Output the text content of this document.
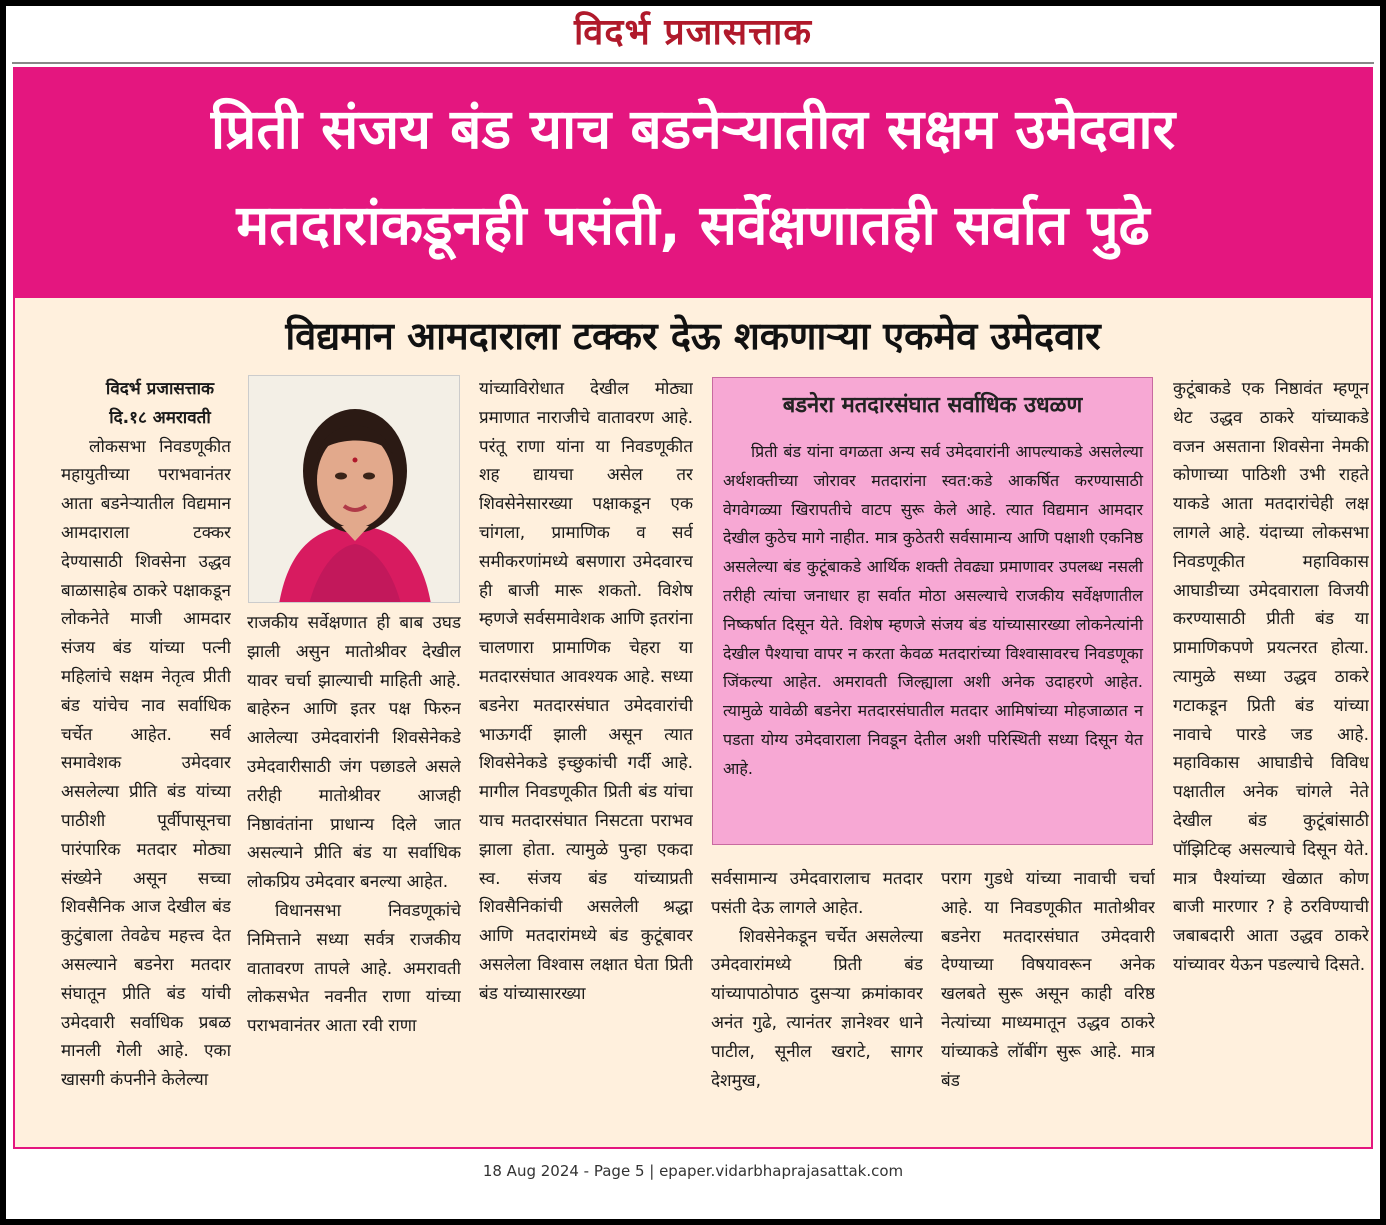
विदर्भ प्रजासत्ताक
प्रिती संजय बंड याच बडनेऱ्यातील सक्षम उमेदवार
मतदारांकडूनही पसंती, सर्वेक्षणातही सर्वात पुढे
विद्यमान आमदाराला टक्कर देऊ शकणाऱ्या एकमेव उमेदवार

विदर्भ प्रजासत्ताक

दि.१८ अमरावती

लोकसभा निवडणूकीत महायुतीच्या पराभवानंतर आता बडनेऱ्यातील विद्यमान आमदाराला टक्कर देण्यासाठी शिवसेना उद्धव बाळासाहेब ठाकरे पक्षाकडून लोकनेते माजी आमदार संजय बंड यांच्या पत्नी महिलांचे सक्षम नेतृत्व प्रीती बंड यांचेच नाव सर्वाधिक चर्चेत आहेत. सर्व समावेशक उमेदवार असलेल्या प्रीति बंड यांच्या पाठीशी पूर्वीपासूनचा पारंपारिक मतदार मोठ्या संख्येने असून सच्चा शिवसैनिक आज देखील बंड कुटुंबाला तेवढेच महत्त्व देत असल्याने बडनेरा मतदार संघातून प्रीति बंड यांची उमेदवारी सर्वाधिक प्रबळ मानली गेली आहे. एका खासगी कंपनीने केलेल्या

राजकीय सर्वेक्षणात ही बाब उघड झाली असुन मातोश्रीवर देखील यावर चर्चा झाल्याची माहिती आहे. बाहेरुन आणि इतर पक्ष फिरुन आलेल्या उमेदवारांनी शिवसेनेकडे उमेदवारीसाठी जंग पछाडले असले तरीही मातोश्रीवर आजही निष्ठावंतांना प्राधान्य दिले जात असल्याने प्रीति बंड या सर्वाधिक लोकप्रिय उमेदवार बनल्या आहेत.

विधानसभा निवडणूकांचे निमित्ताने सध्या सर्वत्र राजकीय वातावरण तापले आहे. अमरावती लोकसभेत नवनीत राणा यांच्या पराभवानंतर आता रवी राणा

यांच्याविरोधात देखील मोठ्या प्रमाणात नाराजीचे वातावरण आहे. परंतू राणा यांना या निवडणूकीत शह द्यायचा असेल तर शिवसेनेसारख्या पक्षाकडून एक चांगला, प्रामाणिक व सर्व समीकरणांमध्ये बसणारा उमेदवारच ही बाजी मारू शकतो. विशेष म्हणजे सर्वसमावेशक आणि इतरांना चालणारा प्रामाणिक चेहरा या मतदारसंघात आवश्यक आहे. सध्या बडनेरा मतदारसंघात उमेदवारांची भाऊगर्दी झाली असून त्यात शिवसेनेकडे इच्छुकांची गर्दी आहे. मागील निवडणूकीत प्रिती बंड यांचा याच मतदारसंघात निसटता पराभव झाला होता. त्यामुळे पुन्हा एकदा स्व. संजय बंड यांच्याप्रती शिवसैनिकांची असलेली श्रद्धा आणि मतदारांमध्ये बंड कुटूंबावर असलेला विश्वास लक्षात घेता प्रिती बंड यांच्यासारख्या

बडनेरा मतदारसंघात सर्वाधिक उधळण

प्रिती बंड यांना वगळता अन्य सर्व उमेदवारांनी आपल्याकडे असलेल्या अर्थशक्तीच्या जोरावर मतदारांना स्वत:कडे आकर्षित करण्यासाठी वेगवेगळ्या खिरापतीचे वाटप सुरू केले आहे. त्यात विद्यमान आमदार देखील कुठेच मागे नाहीत. मात्र कुठेतरी सर्वसामान्य आणि पक्षाशी एकनिष्ठ असलेल्या बंड कुटूंबाकडे आर्थिक शक्ती तेवढ्या प्रमाणावर उपलब्ध नसली तरीही त्यांचा जनाधार हा सर्वात मोठा असल्याचे राजकीय सर्वेक्षणातील निष्कर्षात दिसून येते. विशेष म्हणजे संजय बंड यांच्यासारख्या लोकनेत्यांनी देखील पैश्याचा वापर न करता केवळ मतदारांच्या विश्वासावरच निवडणूका जिंकल्या आहेत. अमरावती जिल्ह्याला अशी अनेक उदाहरणे आहेत. त्यामुळे यावेळी बडनेरा मतदारसंघातील मतदार आमिषांच्या मोहजाळात न पडता योग्य उमेदवाराला निवडून देतील अशी परिस्थिती सध्या दिसून येत आहे.

सर्वसामान्य उमेदवारालाच मतदार पसंती देऊ लागले आहेत.

शिवसेनेकडून चर्चेत असलेल्या उमेदवारांमध्ये प्रिती बंड यांच्यापाठोपाठ दुसऱ्या क्रमांकावर अनंत गुढे, त्यानंतर ज्ञानेश्वर धाने पाटील, सूनील खराटे, सागर देशमुख,

पराग गुडधे यांच्या नावाची चर्चा आहे. या निवडणूकीत मातोश्रीवर बडनेरा मतदारसंघात उमेदवारी देण्याच्या विषयावरून अनेक खलबते सुरू असून काही वरिष्ठ नेत्यांच्या माध्यमातून उद्धव ठाकरे यांच्याकडे लॉबींग सुरू आहे. मात्र बंड

कुटूंबाकडे एक निष्ठावंत म्हणून थेट उद्धव ठाकरे यांच्याकडे वजन असताना शिवसेना नेमकी कोणाच्या पाठिशी उभी राहते याकडे आता मतदारांचेही लक्ष लागले आहे. यंदाच्या लोकसभा निवडणूकीत महाविकास आघाडीच्या उमेदवाराला विजयी करण्यासाठी प्रीती बंड या प्रामाणिकपणे प्रयत्नरत होत्या. त्यामुळे सध्या उद्धव ठाकरे गटाकडून प्रिती बंड यांच्या नावाचे पारडे जड आहे. महाविकास आघाडीचे विविध पक्षातील अनेक चांगले नेते देखील बंड कुटूंबांसाठी पॉझिटिव्ह असल्याचे दिसून येते. मात्र पैश्यांच्या खेळात कोण बाजी मारणार ? हे ठरविण्याची जबाबदारी आता उद्धव ठाकरे यांच्यावर येऊन पडल्याचे दिसते.

18 Aug 2024 - Page 5 | epaper.vidarbhaprajasattak.com
